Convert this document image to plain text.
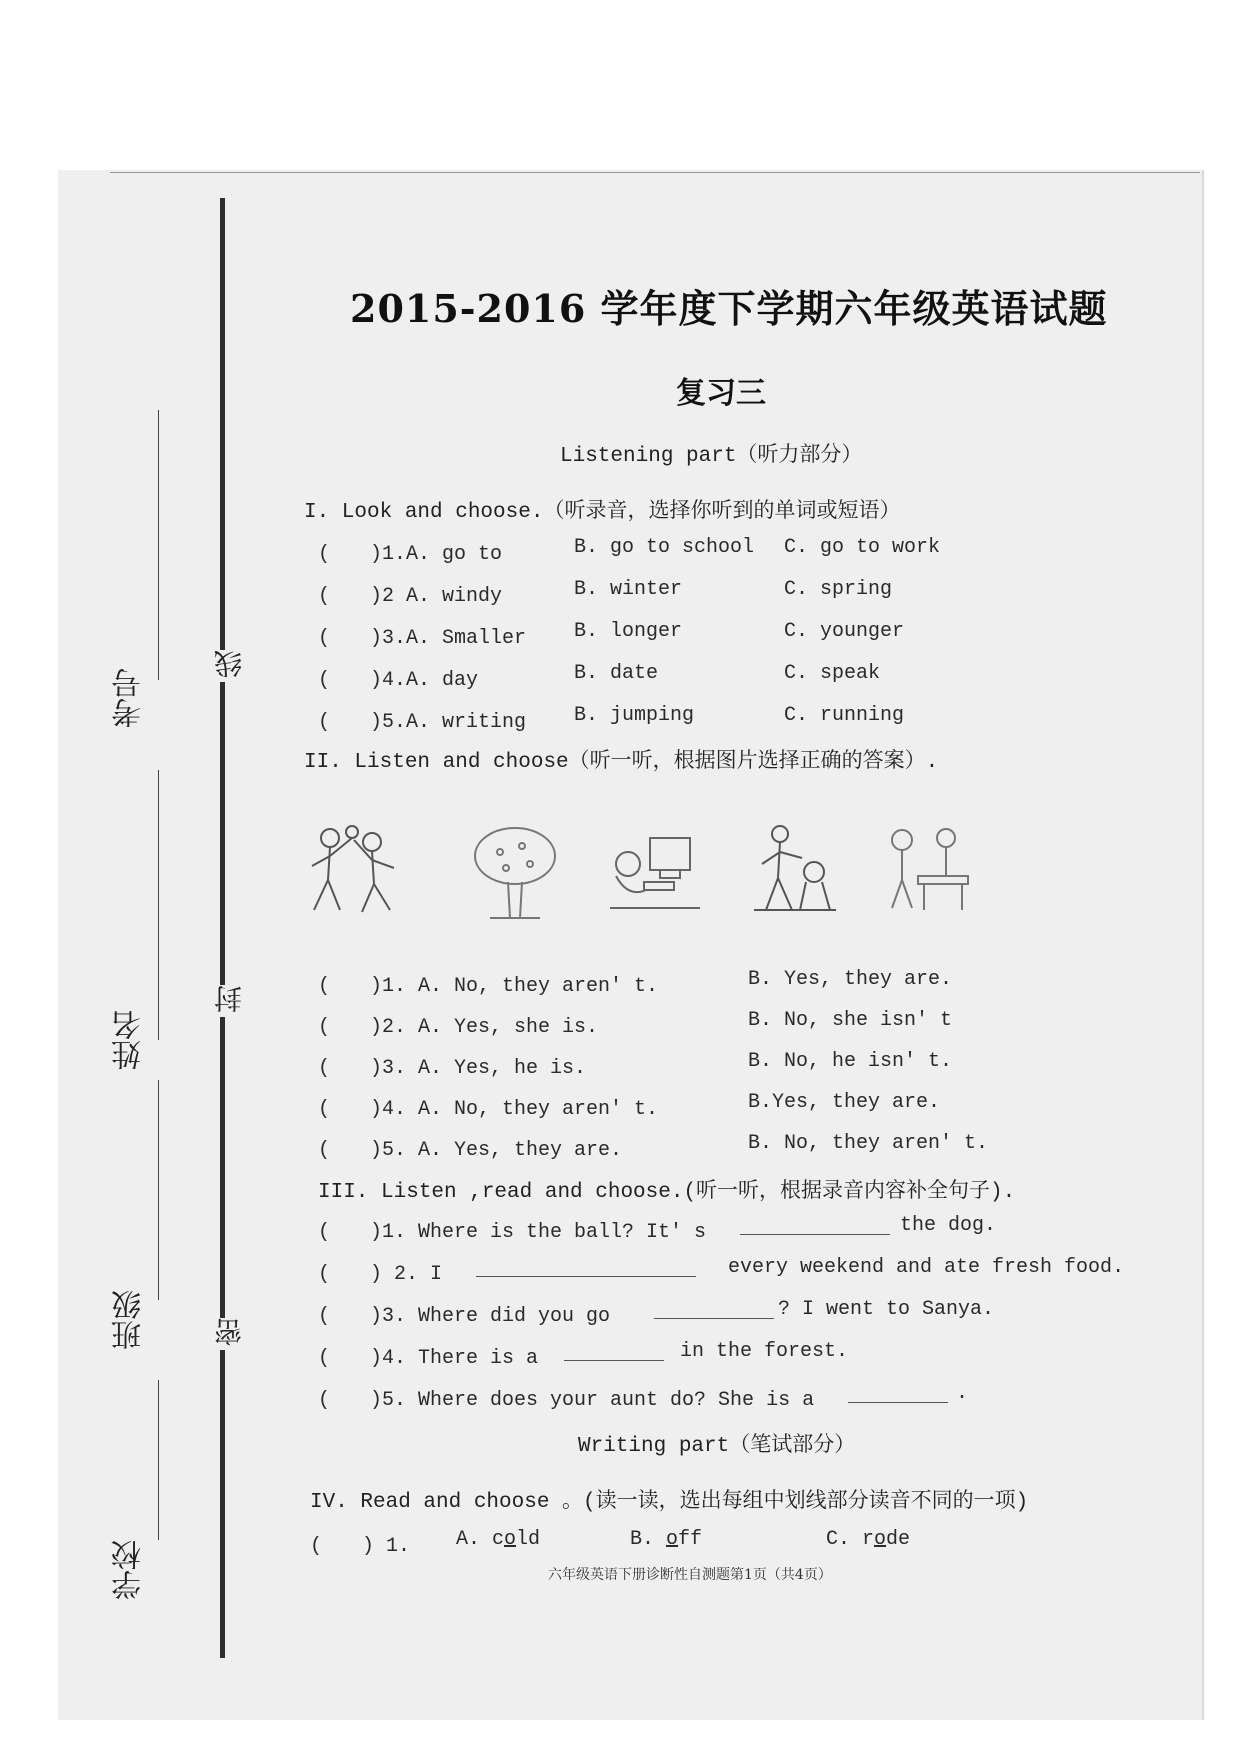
线
封
密
考号
姓名
班级
学校
2015-2016 学年度下学期六年级英语试题
复习三
Listening part（听力部分）
I. Look and choose.（听录音，选择你听到的单词或短语）
(　　)1.A. go to	B. go to school C. go to work
(　　)2 A. windy	B. winter	C. spring
(　　)3.A. Smaller B. longer	C. younger
(　　)4.A. day	B. date	C. speak
(　　)5.A. writing B. jumping	C. running
II. Listen and choose（听一听，根据图片选择正确的答案）.
(　　)1. A. No, they aren' t.	B. Yes, they are.
(　　)2. A. Yes, she is.	B. No, she isn' t
(　　)3. A. Yes, he is.	B. No, he isn' t.
(　　)4. A. No, they aren' t.	B.Yes, they are.
(　　)5. A. Yes, they are.	B. No, they aren' t.
III. Listen ,read and choose.(听一听，根据录音内容补全句子).
(　　)1. Where is the ball? It' s	the dog.
(　　) 2. I	every weekend and ate fresh food.
(　　)3. Where did you go	? I went to Sanya.
(　　)4. There is a	in the forest.
(　　)5. Where does your aunt do? She is a	.
Writing part（笔试部分）
IV. Read and choose 。(读一读，选出每组中划线部分读音不同的一项)
(　　) 1. A. cold	B. off	C. rode
六年级英语下册诊断性自测题第1页（共4页）
